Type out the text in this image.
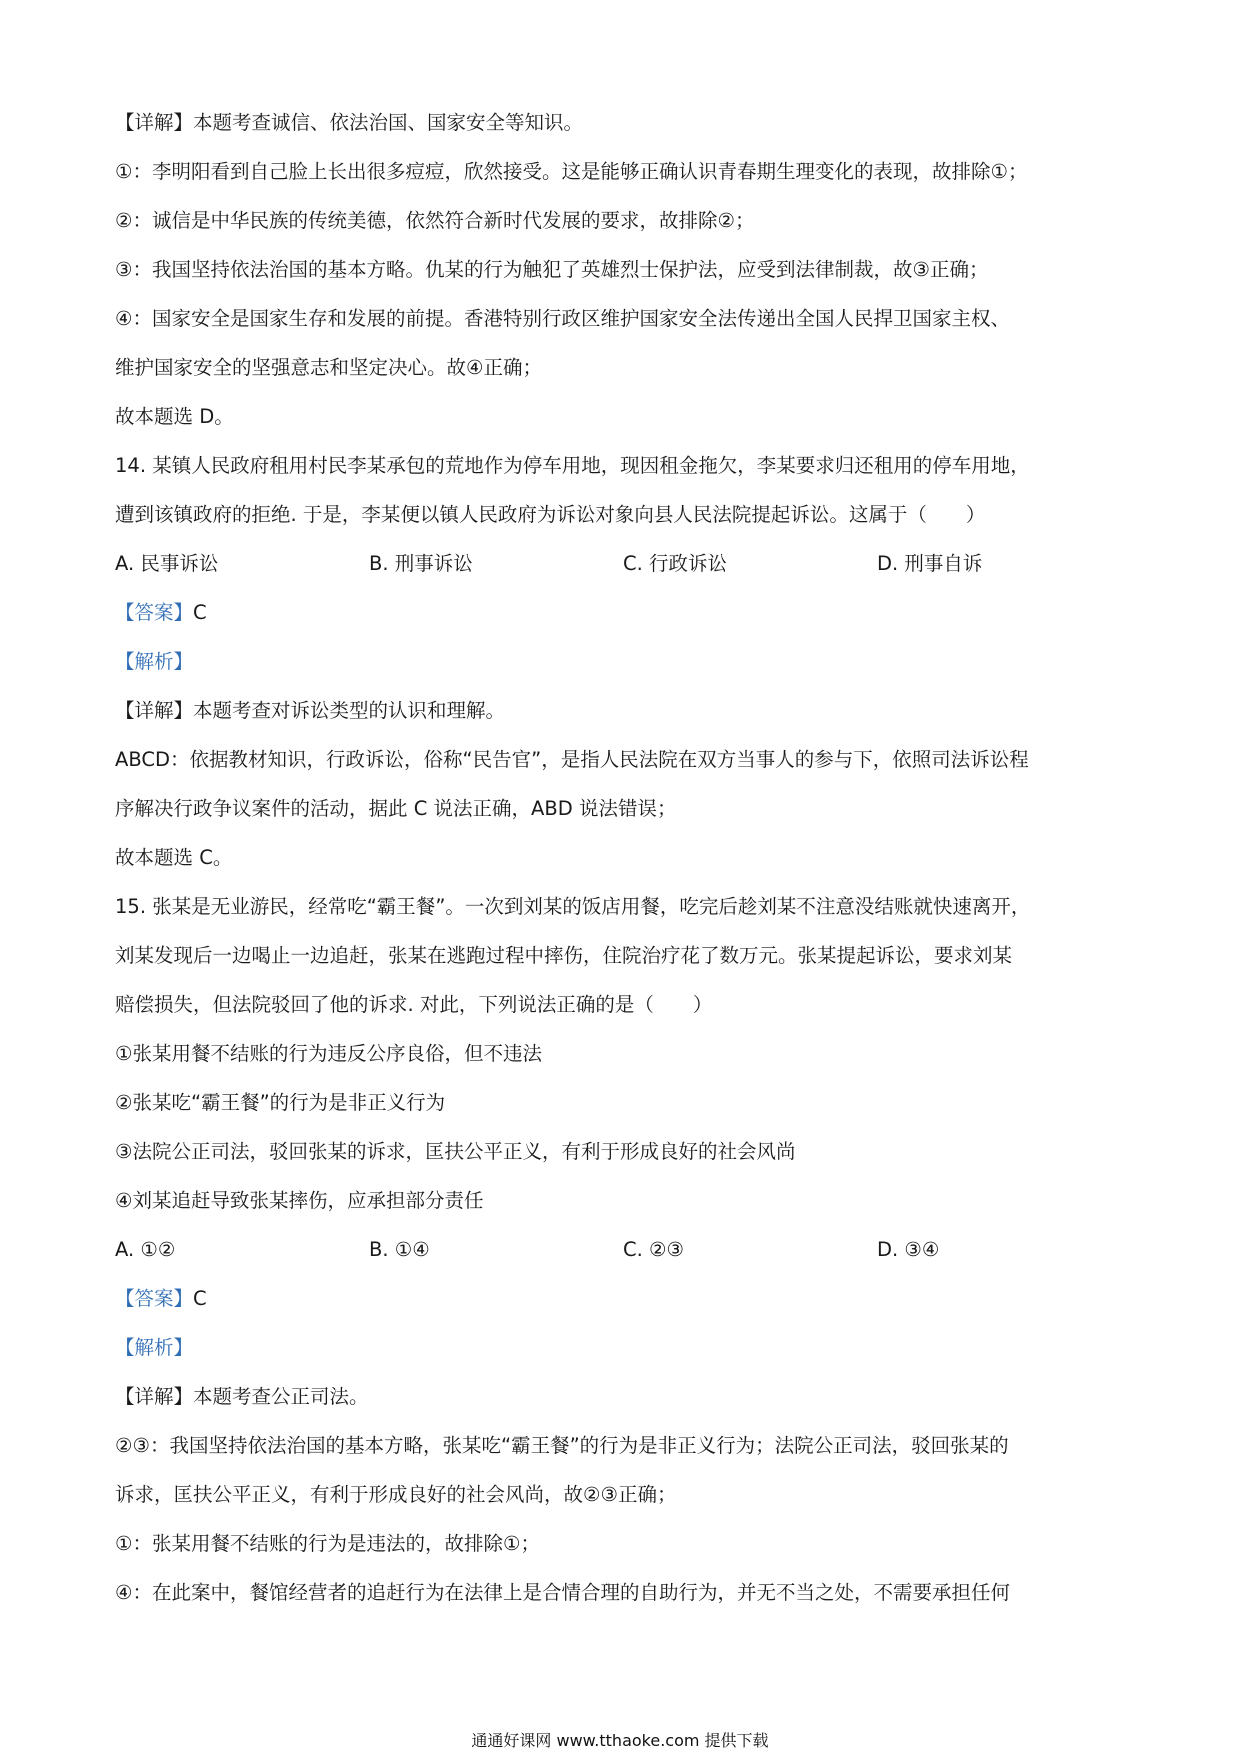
【详解】本题考查诚信、依法治国、国家安全等知识。
①：李明阳看到自己脸上长出很多痘痘，欣然接受。这是能够正确认识青春期生理变化的表现，故排除①；
②：诚信是中华民族的传统美德，依然符合新时代发展的要求，故排除②；
③：我国坚持依法治国的基本方略。仇某的行为触犯了英雄烈士保护法，应受到法律制裁，故③正确；
④：国家安全是国家生存和发展的前提。香港特别行政区维护国家安全法传递出全国人民捍卫国家主权、
维护国家安全的坚强意志和坚定决心。故④正确；
故本题选 D。
14. 某镇人民政府租用村民李某承包的荒地作为停车用地，现因租金拖欠，李某要求归还租用的停车用地，
遭到该镇政府的拒绝. 于是，李某便以镇人民政府为诉讼对象向县人民法院提起诉讼。这属于（　　）
A. 民事诉讼	B. 刑事诉讼	C. 行政诉讼	D. 刑事自诉
【答案】C
【解析】
【详解】本题考查对诉讼类型的认识和理解。
ABCD：依据教材知识，行政诉讼，俗称“民告官”，是指人民法院在双方当事人的参与下，依照司法诉讼程
序解决行政争议案件的活动，据此 C 说法正确，ABD 说法错误；
故本题选 C。
15. 张某是无业游民，经常吃“霸王餐”。一次到刘某的饭店用餐，吃完后趁刘某不注意没结账就快速离开，
刘某发现后一边喝止一边追赶，张某在逃跑过程中摔伤，住院治疗花了数万元。张某提起诉讼，要求刘某
赔偿损失，但法院驳回了他的诉求. 对此，下列说法正确的是（　　）
①张某用餐不结账的行为违反公序良俗，但不违法
②张某吃“霸王餐”的行为是非正义行为
③法院公正司法，驳回张某的诉求，匡扶公平正义，有利于形成良好的社会风尚
④刘某追赶导致张某摔伤，应承担部分责任
A. ①②	B. ①④	C. ②③	D. ③④
【答案】C
【解析】
【详解】本题考查公正司法。
②③：我国坚持依法治国的基本方略，张某吃“霸王餐”的行为是非正义行为；法院公正司法，驳回张某的
诉求，匡扶公平正义，有利于形成良好的社会风尚，故②③正确；
①：张某用餐不结账的行为是违法的，故排除①；
④：在此案中，餐馆经营者的追赶行为在法律上是合情合理的自助行为，并无不当之处，不需要承担任何
通通好课网 www.tthaoke.com 提供下载
